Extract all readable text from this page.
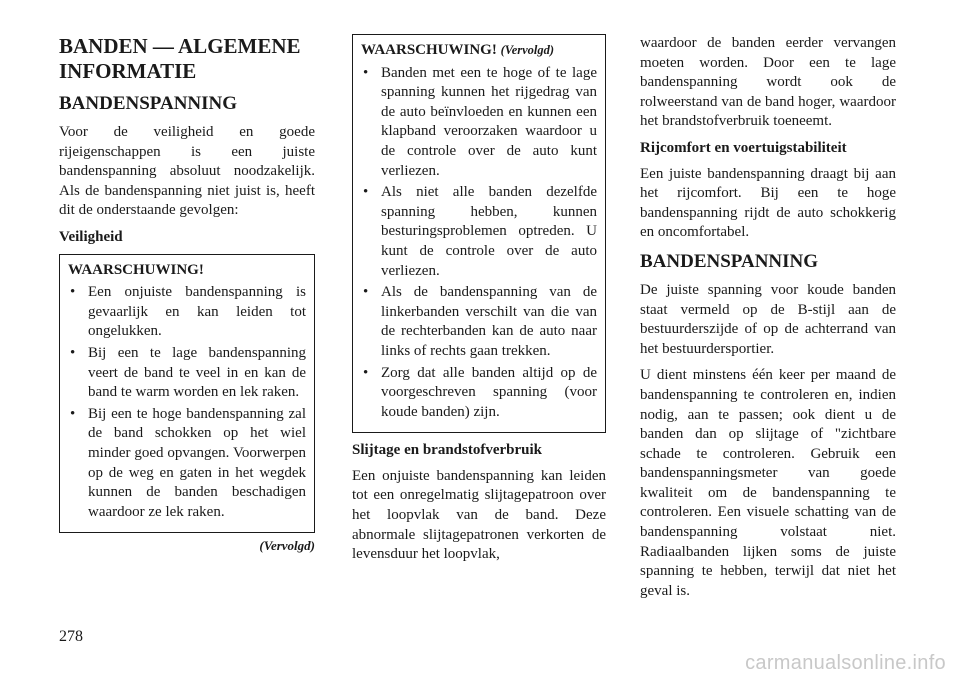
BANDEN — ALGEMENE INFORMATIE
BANDENSPANNING

Voor de veiligheid en goede rijeigenschappen is een juiste bandenspanning absoluut noodzakelijk. Als de bandenspanning niet juist is, heeft dit de onderstaande gevolgen:

Veiligheid
WAARSCHUWING!
• Een onjuiste bandenspanning is gevaarlijk en kan leiden tot ongelukken.
• Bij een te lage bandenspanning veert de band te veel in en kan de band te warm worden en lek raken.
• Bij een te hoge bandenspanning zal de band schokken op het wiel minder goed opvangen. Voorwerpen op de weg en gaten in het wegdek kunnen de banden beschadigen waardoor ze lek raken.
(Vervolgd)
WAARSCHUWING! (Vervolgd)
• Banden met een te hoge of te lage spanning kunnen het rijgedrag van de auto beïnvloeden en kunnen een klapband veroorzaken waardoor u de controle over de auto kunt verliezen.
• Als niet alle banden dezelfde spanning hebben, kunnen besturingsproblemen optreden. U kunt de controle over de auto verliezen.
• Als de bandenspanning van de linkerbanden verschilt van die van de rechterbanden kan de auto naar links of rechts gaan trekken.
• Zorg dat alle banden altijd op de voorgeschreven spanning (voor koude banden) zijn.
Slijtage en brandstofverbruik

Een onjuiste bandenspanning kan leiden tot een onregelmatig slijtagepatroon over het loopvlak van de band. Deze abnormale slijtagepatronen verkorten de levensduur het loopvlak,

waardoor de banden eerder vervangen moeten worden. Door een te lage bandenspanning wordt ook de rolweerstand van de band hoger, waardoor het brandstofverbruik toeneemt.

Rijcomfort en voertuigstabiliteit

Een juiste bandenspanning draagt bij aan het rijcomfort. Bij een te hoge bandenspanning rijdt de auto schokkerig en oncomfortabel.

BANDENSPANNING

De juiste spanning voor koude banden staat vermeld op de B-stijl aan de bestuurderszijde of op de achterrand van het bestuurdersportier.

U dient minstens één keer per maand de bandenspanning te controleren en, indien nodig, aan te passen; ook dient u de banden dan op slijtage of "zichtbare schade te controleren. Gebruik een bandenspanningsmeter van goede kwaliteit om de bandenspanning te controleren. Een visuele schatting van de bandenspanning volstaat niet. Radiaalbanden lijken soms de juiste spanning te hebben, terwijl dat niet het geval is.

278
carmanualsonline.info
